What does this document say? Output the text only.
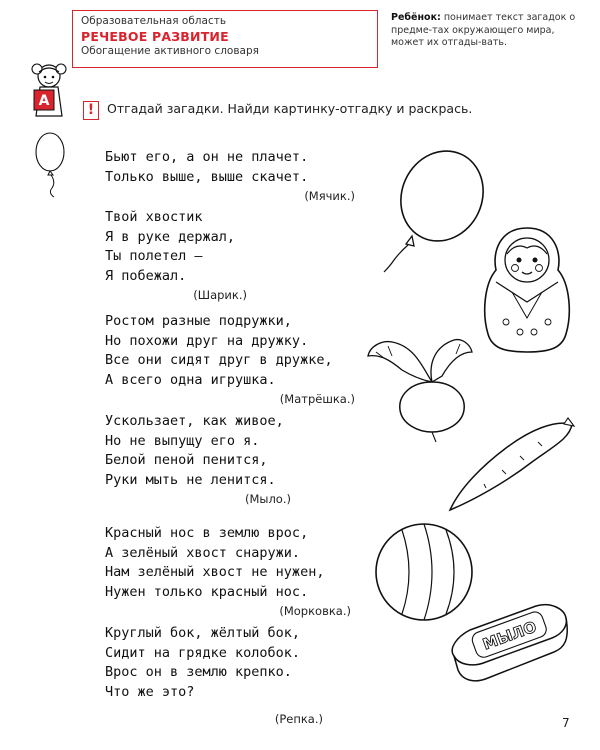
Образовательная область
РЕЧЕВОЕ РАЗВИТИЕ
Обогащение активного словаря
Ребёнок: понимает текст загадок о предме-тах окружающего мира, может их отгады-вать.
А
!	Отгадай загадки. Найди картинку-отгадку и раскрась.
Бьют его, а он не плачет.
Только выше, выше скачет.
(Мячик.)
Твой хвостик
Я в руке держал,
Ты полетел —
Я побежал.
(Шарик.)
Ростом разные подружки,
Но похожи друг на дружку.
Все они сидят друг в дружке,
А всего одна игрушка.
(Матрёшка.)
Ускользает, как живое,
Но не выпущу его я.
Белой пеной пенится,
Руки мыть не ленится.
(Мыло.)
Красный нос в землю врос,
А зелёный хвост снаружи.
Нам зелёный хвост не нужен,
Нужен только красный нос.
(Морковка.)
Круглый бок, жёлтый бок,
Сидит на грядке колобок.
Врос он в землю крепко.
Что же это?
(Репка.)
МЫЛО
7
